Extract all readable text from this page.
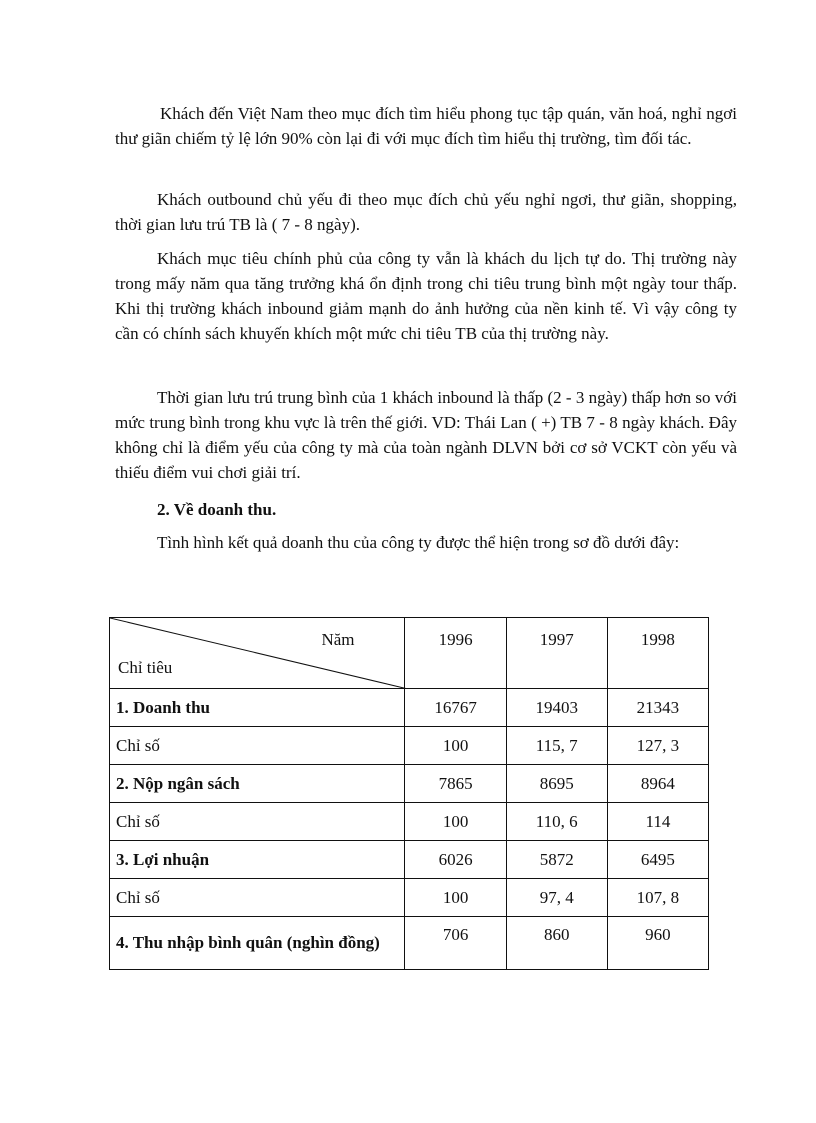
Khách đến Việt Nam theo mục đích tìm hiểu phong tục tập quán, văn hoá, nghỉ ngơi thư giãn chiếm tỷ lệ lớn 90% còn lại đi với mục đích tìm hiểu thị trường, tìm đối tác.

Khách outbound chủ yếu đi theo mục đích chủ yếu nghỉ ngơi, thư giãn, shopping, thời gian lưu trú TB là ( 7 - 8 ngày).

Khách mục tiêu chính phủ của công ty vẫn là khách du lịch tự do. Thị trường này trong mấy năm qua tăng trưởng khá ổn định trong chi tiêu trung bình một ngày tour thấp. Khi thị trường khách inbound giảm mạnh do ảnh hưởng của nền kinh tế. Vì vậy công ty cần có chính sách khuyến khích một mức chi tiêu TB của thị trường này.

Thời gian lưu trú trung bình của 1 khách inbound là thấp (2 - 3 ngày) thấp hơn so với mức trung bình trong khu vực là trên thế giới. VD: Thái Lan ( +) TB 7 - 8 ngày khách. Đây không chỉ là điểm yếu của công ty mà của toàn ngành DLVN bởi cơ sở VCKT còn yếu và thiếu điểm vui chơi giải trí.

2. Về doanh thu.

Tình hình kết quả doanh thu của công ty được thể hiện trong sơ đồ dưới đây:

Năm
Chỉ tiêu	1996	1997	1998
1. Doanh thu	16767	19403	21343
Chỉ số	100	115, 7	127, 3
2. Nộp ngân sách	7865	8695	8964
Chỉ số	100	110, 6	114
3. Lợi nhuận	6026	5872	6495
Chỉ số	100	97, 4	107, 8
4. Thu nhập bình quân (nghìn đồng)	706	860	960
